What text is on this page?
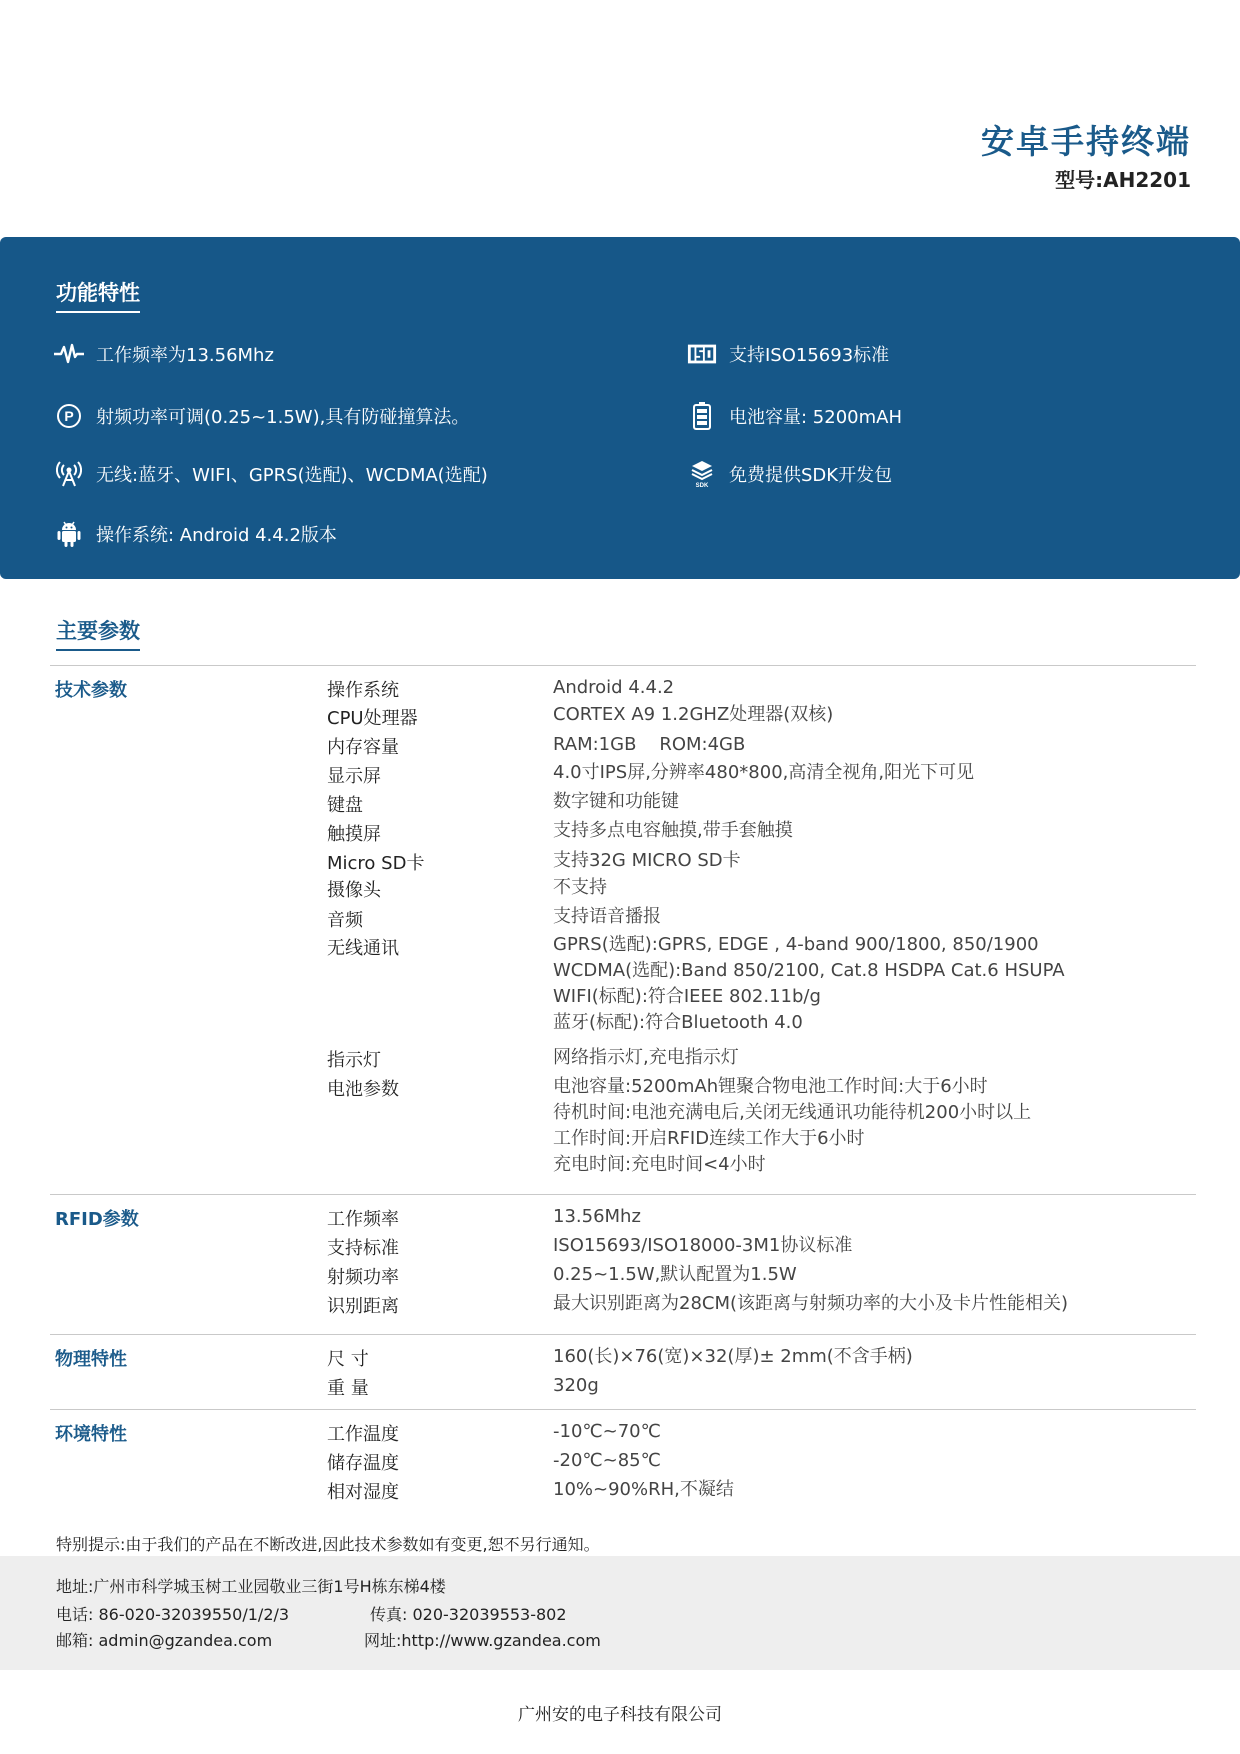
安卓手持终端
型号:AH2201
功能特性
工作频率为13.56Mhz	支持ISO15693标准
P 射频功率可调(0.25~1.5W),具有防碰撞算法。	电池容量: 5200mAH
无线:蓝牙、WIFI、GPRS(选配)、WCDMA(选配)	SDK 免费提供SDK开发包
操作系统: Android 4.4.2版本
主要参数
技术参数	操作系统	Android 4.4.2
CPU处理器	CORTEX A9 1.2GHZ处理器(双核)
内存容量	RAM:1GB    ROM:4GB
显示屏	4.0寸IPS屏,分辨率480*800,高清全视角,阳光下可见
键盘	数字键和功能键
触摸屏	支持多点电容触摸,带手套触摸
Micro SD卡	支持32G MICRO SD卡
摄像头	不支持
音频	支持语音播报
无线通讯	GPRS(选配):GPRS, EDGE , 4-band 900/1800, 850/1900
WCDMA(选配):Band 850/2100, Cat.8 HSDPA Cat.6 HSUPA
WIFI(标配):符合IEEE 802.11b/g
蓝牙(标配):符合Bluetooth 4.0
指示灯	网络指示灯,充电指示灯
电池参数	电池容量:5200mAh锂聚合物电池工作时间:大于6小时
待机时间:电池充满电后,关闭无线通讯功能待机200小时以上
工作时间:开启RFID连续工作大于6小时
充电时间:充电时间<4小时
RFID参数	工作频率	13.56Mhz
支持标准	ISO15693/ISO18000-3M1协议标准
射频功率	0.25~1.5W,默认配置为1.5W
识别距离	最大识别距离为28CM(该距离与射频功率的大小及卡片性能相关)
物理特性	尺 寸	160(长)×76(宽)×32(厚)± 2mm(不含手柄)
重 量	320g
环境特性	工作温度	-10℃~70℃
储存温度	-20℃~85℃
相对湿度	10%~90%RH,不凝结
特别提示:由于我们的产品在不断改进,因此技术参数如有变更,恕不另行通知。
地址:广州市科学城玉树工业园敬业三街1号H栋东梯4楼
电话: 86-020-32039550/1/2/3	传真: 020-32039553-802
邮箱: admin@gzandea.com	网址:http://www.gzandea.com
广州安的电子科技有限公司
